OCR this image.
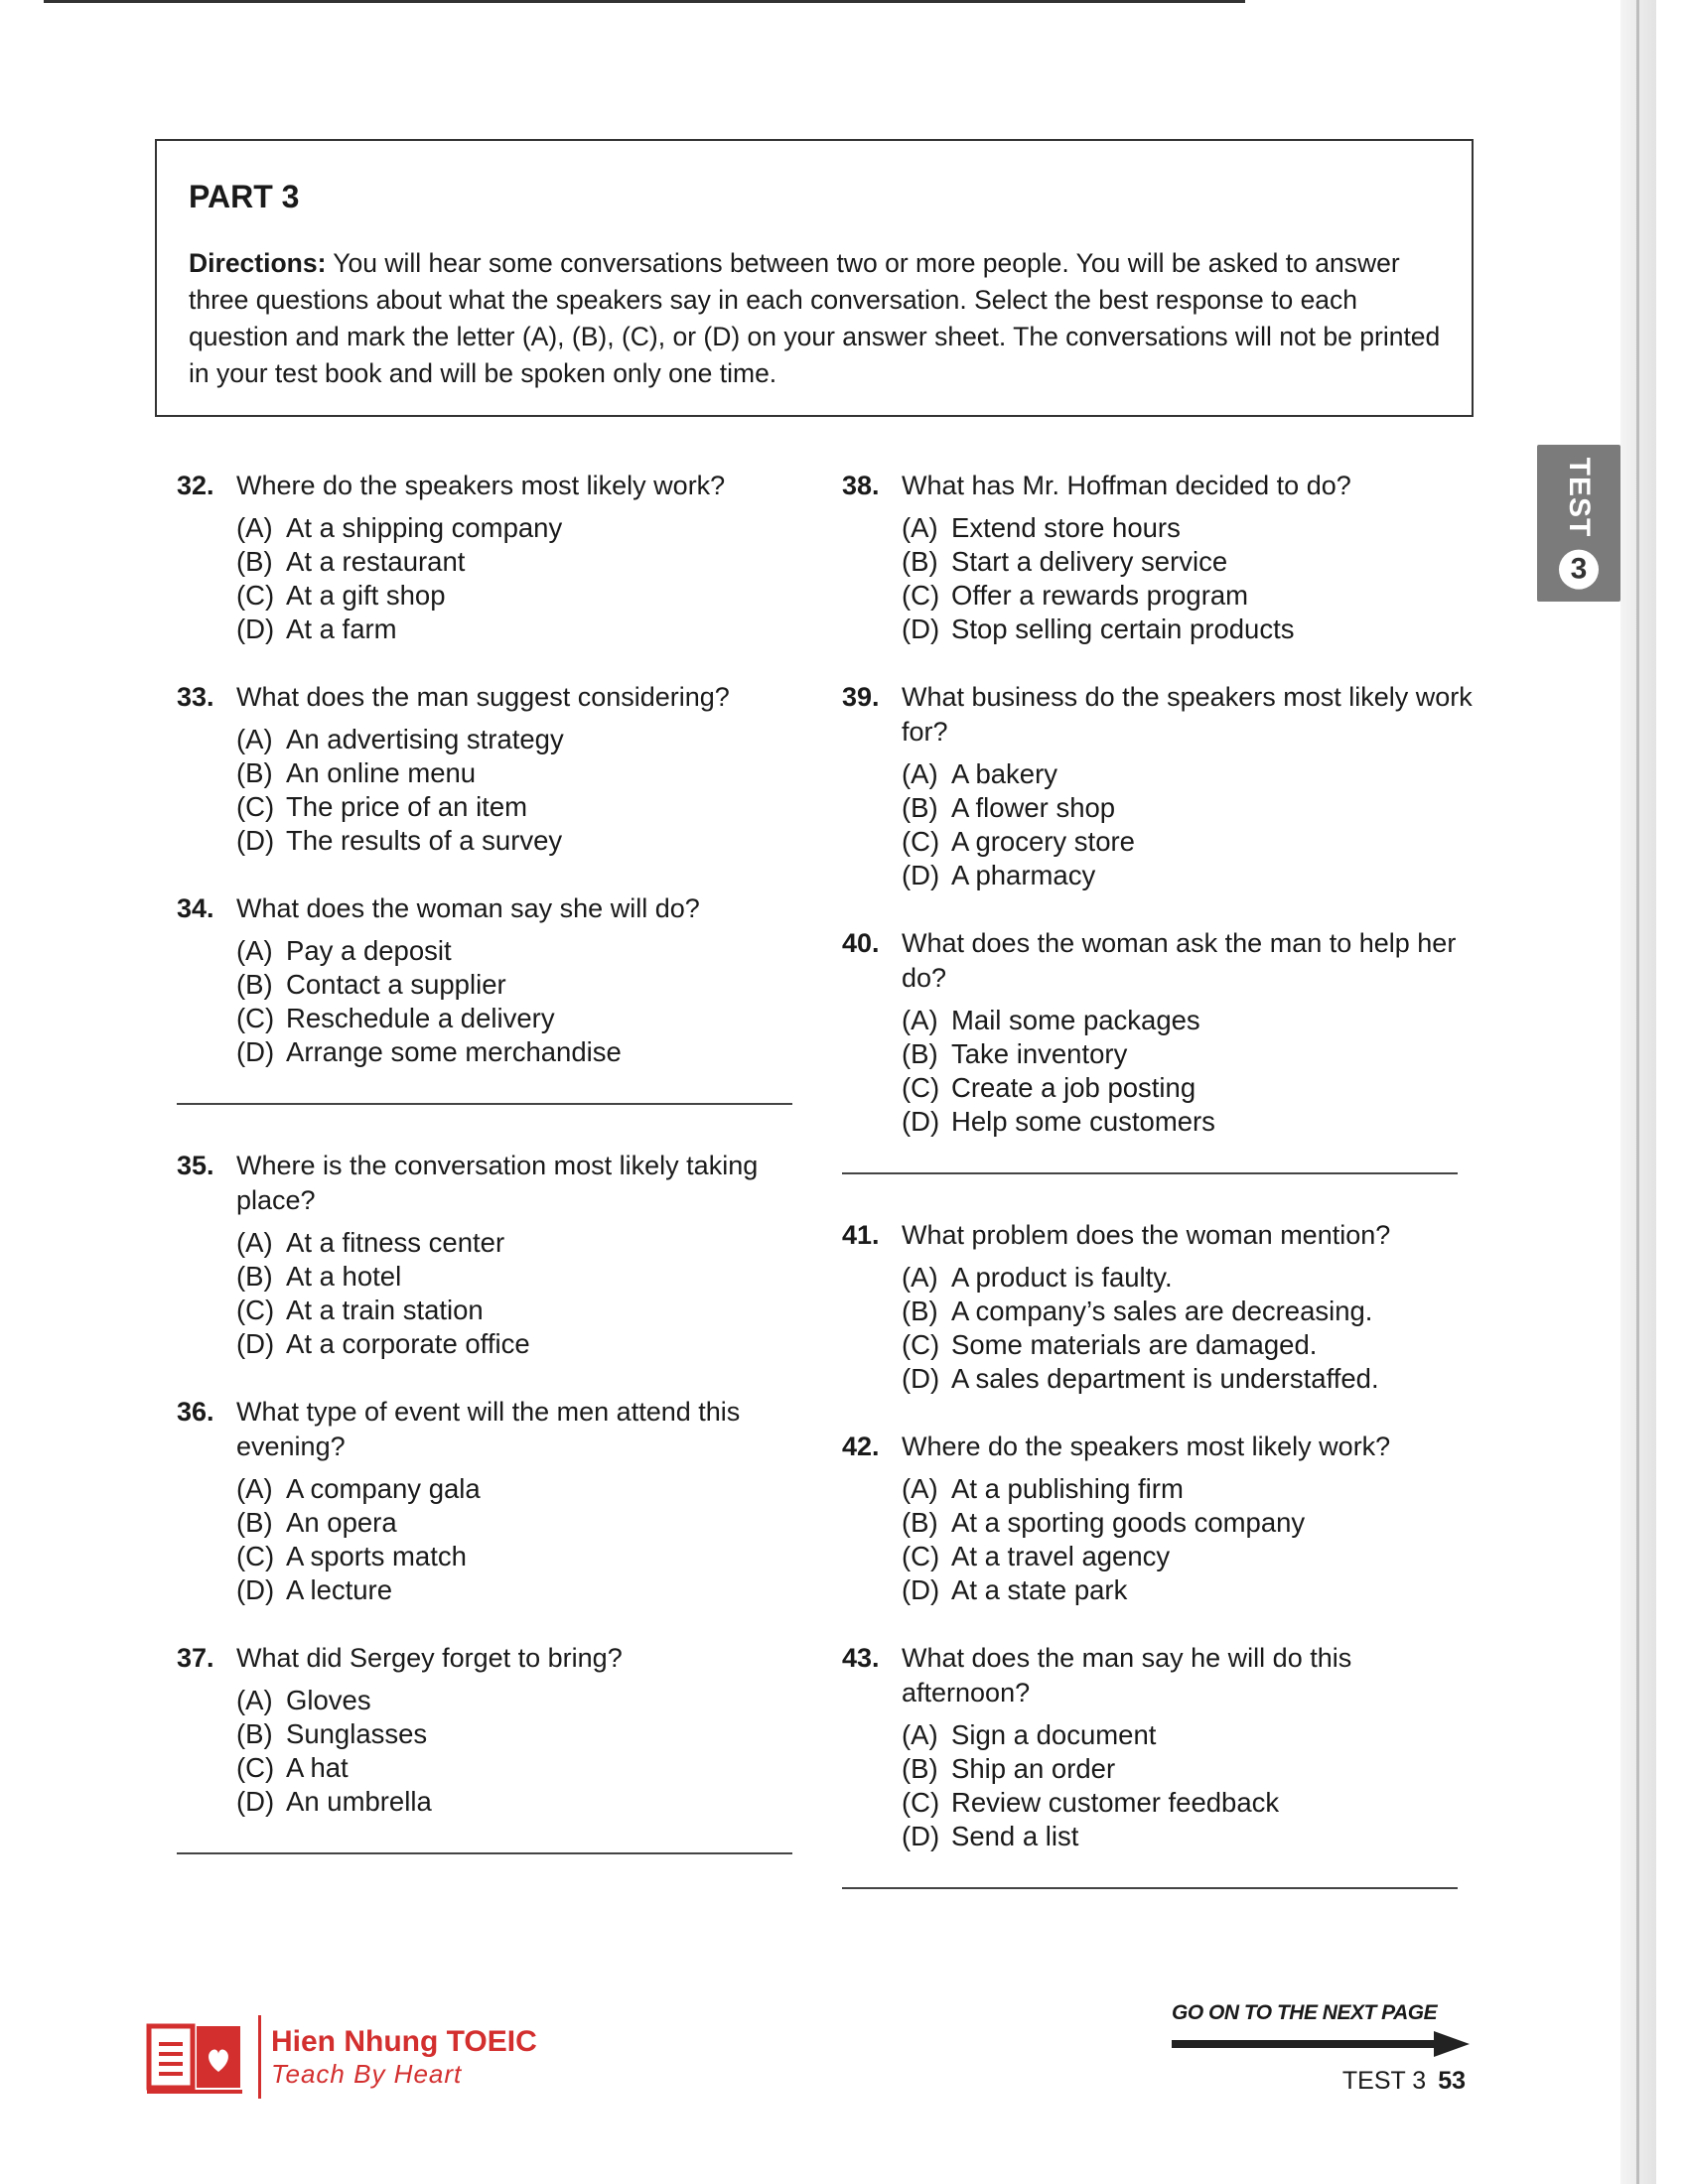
PART 3

Directions: You will hear some conversations between two or more people. You will be asked to answer three questions about what the speakers say in each conversation. Select the best response to each question and mark the letter (A), (B), (C), or (D) on your answer sheet. The conversations will not be printed in your test book and will be spoken only one time.

TEST
3
32. Where do the speakers most likely work?
(A) At a shipping company
(B) At a restaurant
(C) At a gift shop
(D) At a farm
33. What does the man suggest considering?
(A) An advertising strategy
(B) An online menu
(C) The price of an item
(D) The results of a survey
34. What does the woman say she will do?
(A) Pay a deposit
(B) Contact a supplier
(C) Reschedule a delivery
(D) Arrange some merchandise
35. Where is the conversation most likely taking place?
(A) At a fitness center
(B) At a hotel
(C) At a train station
(D) At a corporate office
36. What type of event will the men attend this evening?
(A) A company gala
(B) An opera
(C) A sports match
(D) A lecture
37. What did Sergey forget to bring?
(A) Gloves
(B) Sunglasses
(C) A hat
(D) An umbrella
38. What has Mr. Hoffman decided to do?
(A) Extend store hours
(B) Start a delivery service
(C) Offer a rewards program
(D) Stop selling certain products
39. What business do the speakers most likely work for?
(A) A bakery
(B) A flower shop
(C) A grocery store
(D) A pharmacy
40. What does the woman ask the man to help her do?
(A) Mail some packages
(B) Take inventory
(C) Create a job posting
(D) Help some customers
41. What problem does the woman mention?
(A) A product is faulty.
(B) A company’s sales are decreasing.
(C) Some materials are damaged.
(D) A sales department is understaffed.
42. Where do the speakers most likely work?
(A) At a publishing firm
(B) At a sporting goods company
(C) At a travel agency
(D) At a state park
43. What does the man say he will do this afternoon?
(A) Sign a document
(B) Ship an order
(C) Review customer feedback
(D) Send a list
Hien Nhung TOEIC
Teach By Heart
GO ON TO THE NEXT PAGE
TEST 3 53
